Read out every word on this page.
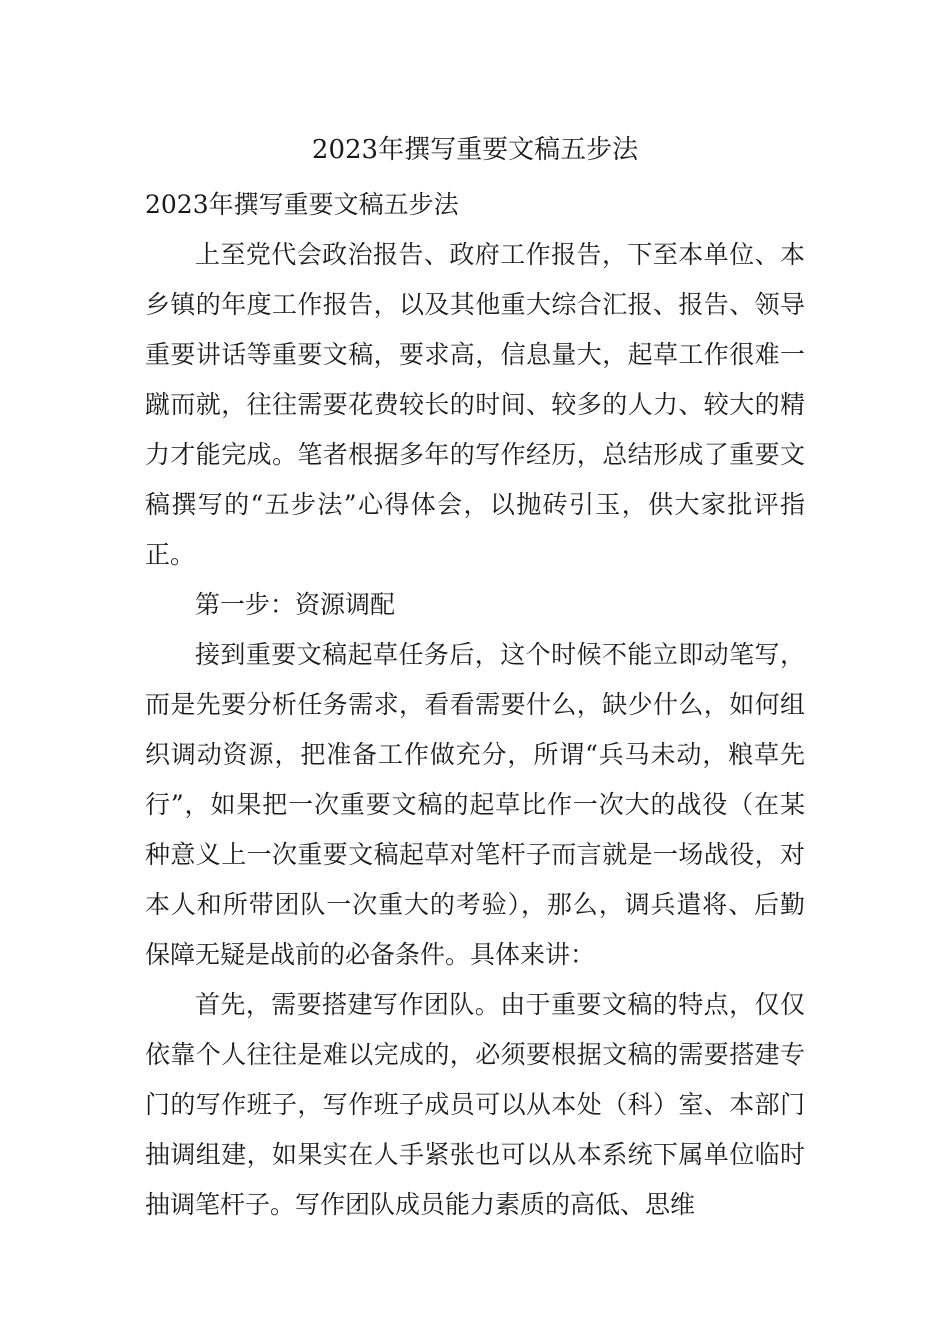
2023年撰写重要文稿五步法

2023年撰写重要文稿五步法

上至党代会政治报告、政府工作报告，下至本单位、本乡镇的年度工作报告，以及其他重大综合汇报、报告、领导重要讲话等重要文稿，要求高，信息量大，起草工作很难一蹴而就，往往需要花费较长的时间、较多的人力、较大的精力才能完成。笔者根据多年的写作经历，总结形成了重要文稿撰写的“五步法”心得体会，以抛砖引玉，供大家批评指正。

第一步：资源调配

接到重要文稿起草任务后，这个时候不能立即动笔写，而是先要分析任务需求，看看需要什么，缺少什么，如何组织调动资源，把准备工作做充分，所谓“兵马未动，粮草先行”，如果把一次重要文稿的起草比作一次大的战役（在某种意义上一次重要文稿起草对笔杆子而言就是一场战役，对本人和所带团队一次重大的考验），那么，调兵遣将、后勤保障无疑是战前的必备条件。具体来讲：

首先，需要搭建写作团队。由于重要文稿的特点，仅仅依靠个人往往是难以完成的，必须要根据文稿的需要搭建专门的写作班子，写作班子成员可以从本处（科）室、本部门抽调组建，如果实在人手紧张也可以从本系统下属单位临时抽调笔杆子。写作团队成员能力素质的高低、思维
